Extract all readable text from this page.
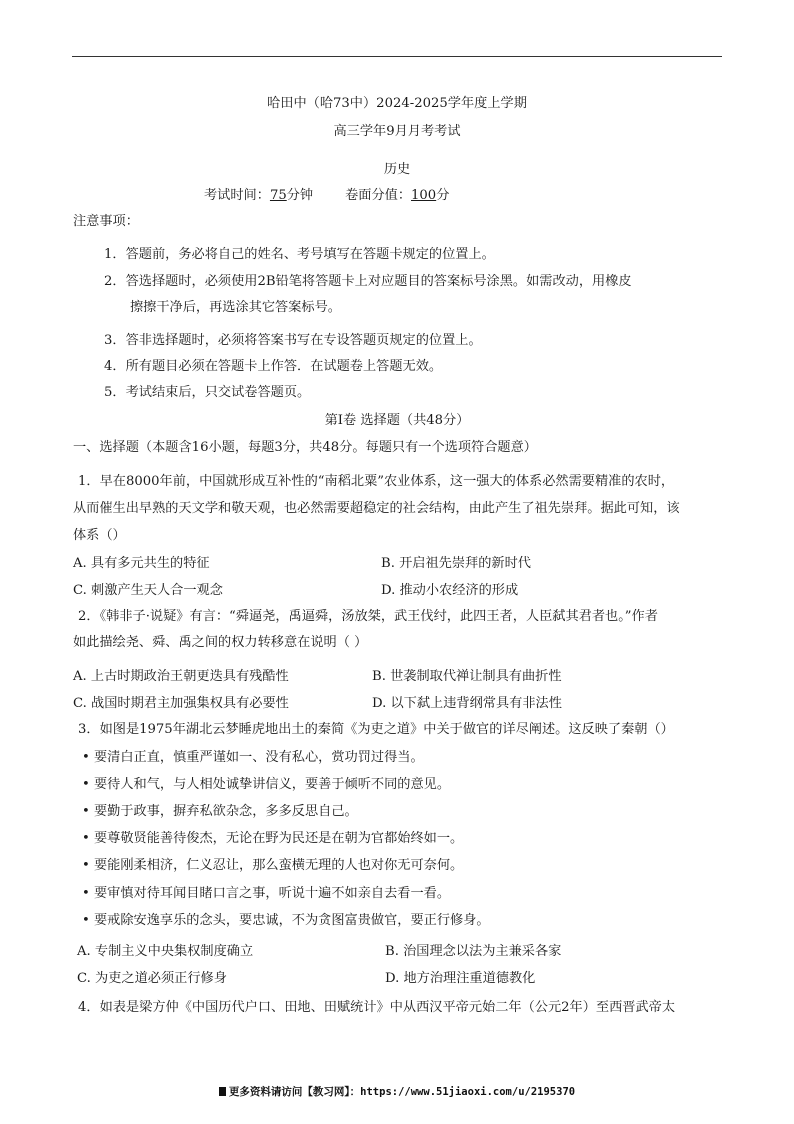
哈田中（哈73中）2024-2025学年度上学期
高三学年9月月考考试
历史
考试时间：75分钟 卷面分值：100分
注意事项：
1．答题前，务必将自己的姓名、考号填写在答题卡规定的位置上。
2．答选择题时，必须使用2B铅笔将答题卡上对应题目的答案标号涂黑。如需改动，用橡皮
擦擦干净后，再选涂其它答案标号。
3．答非选择题时，必须将答案书写在专设答题页规定的位置上。
4．所有题目必须在答题卡上作答．在试题卷上答题无效。
5．考试结束后，只交试卷答题页。
第Ⅰ卷 选择题（共48分）
一、选择题（本题含16小题，每题3分，共48分。每题只有一个选项符合题意）
1．早在8000年前，中国就形成互补性的“南稻北粟”农业体系，这一强大的体系必然需要精准的农时，
从而催生出早熟的天文学和敬天观，也必然需要超稳定的社会结构，由此产生了祖先崇拜。据此可知，该
体系（）
A. 具有多元共生的特征	B. 开启祖先崇拜的新时代
C. 刺激产生天人合一观念	D. 推动小农经济的形成
2．《韩非子·说疑》有言：“舜逼尧，禹逼舜，汤放桀，武王伐纣，此四王者，人臣弑其君者也。”作者
如此描绘尧、舜、禹之间的权力转移意在说明（ ）
A. 上古时期政治王朝更迭具有残酷性	B. 世袭制取代禅让制具有曲折性
C. 战国时期君主加强集权具有必要性	D. 以下弑上违背纲常具有非法性
3．如图是1975年湖北云梦睡虎地出土的秦简《为吏之道》中关于做官的详尽阐述。这反映了秦朝（）
• 要清白正直，慎重严谨如一、没有私心，赏功罚过得当。
• 要待人和气，与人相处诚挚讲信义，要善于倾听不同的意见。
• 要勤于政事，摒弃私欲杂念，多多反思自己。
• 要尊敬贤能善待俊杰，无论在野为民还是在朝为官都始终如一。
• 要能刚柔相济，仁义忍让，那么蛮横无理的人也对你无可奈何。
• 要审慎对待耳闻目睹口言之事，听说十遍不如亲自去看一看。
• 要戒除安逸享乐的念头，要忠诚，不为贪图富贵做官，要正行修身。
A. 专制主义中央集权制度确立	B. 治国理念以法为主兼采各家
C. 为吏之道必须正行修身	D. 地方治理注重道德教化
4．如表是梁方仲《中国历代户口、田地、田赋统计》中从西汉平帝元始二年（公元2年）至西晋武帝太
更多资料请访问【教习网】：https://www.51jiaoxi.com/u/2195370
